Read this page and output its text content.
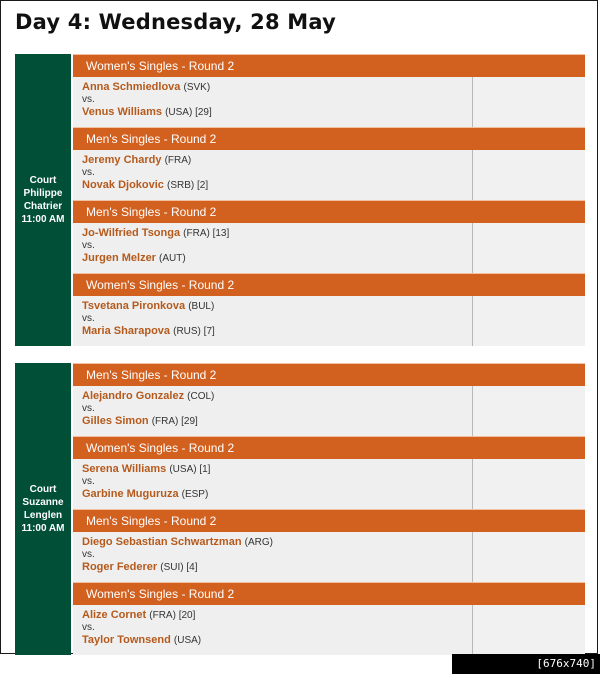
Day 4: Wednesday, 28 May
Court
Philippe
Chatrier
11:00 AM
Women's Singles - Round 2
Anna Schmiedlova (SVK)
vs.
Venus Williams (USA) [29]
Men's Singles - Round 2
Jeremy Chardy (FRA)
vs.
Novak Djokovic (SRB) [2]
Men's Singles - Round 2
Jo-Wilfried Tsonga (FRA) [13]
vs.
Jurgen Melzer (AUT)
Women's Singles - Round 2
Tsvetana Pironkova (BUL)
vs.
Maria Sharapova (RUS) [7]
Court
Suzanne
Lenglen
11:00 AM
Men's Singles - Round 2
Alejandro Gonzalez (COL)
vs.
Gilles Simon (FRA) [29]
Women's Singles - Round 2
Serena Williams (USA) [1]
vs.
Garbine Muguruza (ESP)
Men's Singles - Round 2
Diego Sebastian Schwartzman (ARG)
vs.
Roger Federer (SUI) [4]
Women's Singles - Round 2
Alize Cornet (FRA) [20]
vs.
Taylor Townsend (USA)
[676x740] http://upic.me/
